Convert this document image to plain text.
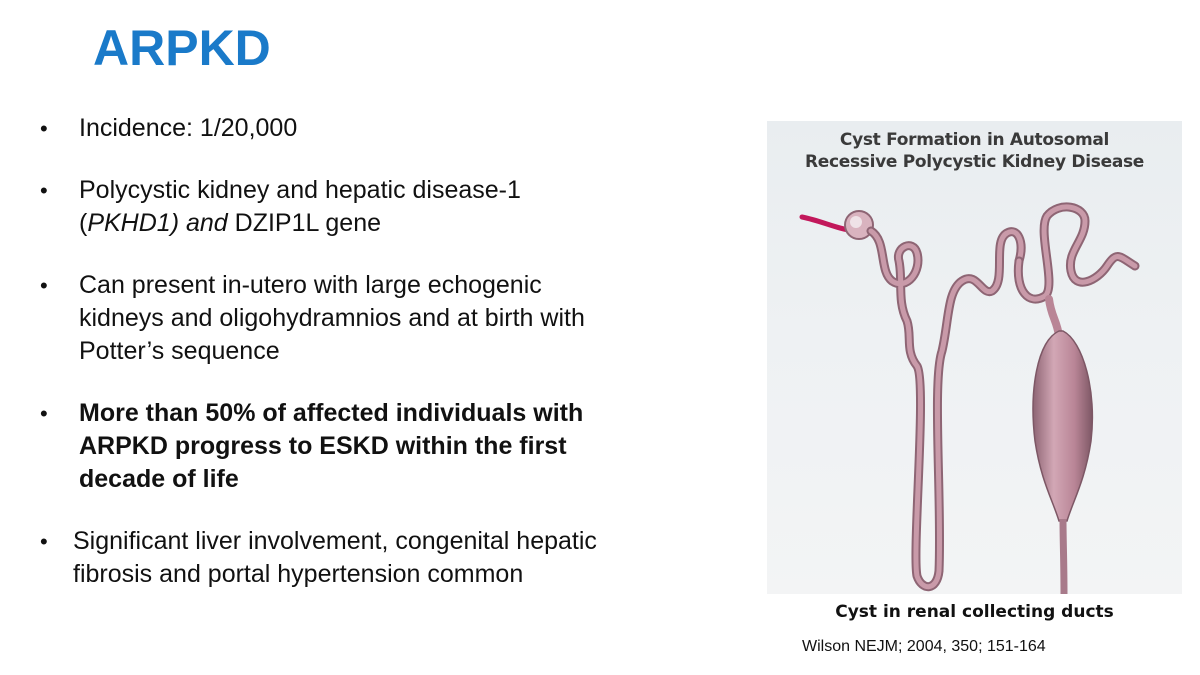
ARPKD
• Incidence: 1/20,000
• Polycystic kidney and hepatic disease-1
(PKHD1) and DZIP1L gene
• Can present in-utero with large echogenic
kidneys and oligohydramnios and at birth with
Potter’s sequence
• More than 50% of affected individuals with
ARPKD progress to ESKD within the first
decade of life
• Significant liver involvement, congenital hepatic
fibrosis and portal hypertension common
Cyst Formation in Autosomal
Recessive Polycystic Kidney Disease
Cyst in renal collecting ducts
Wilson NEJM; 2004, 350; 151-164
